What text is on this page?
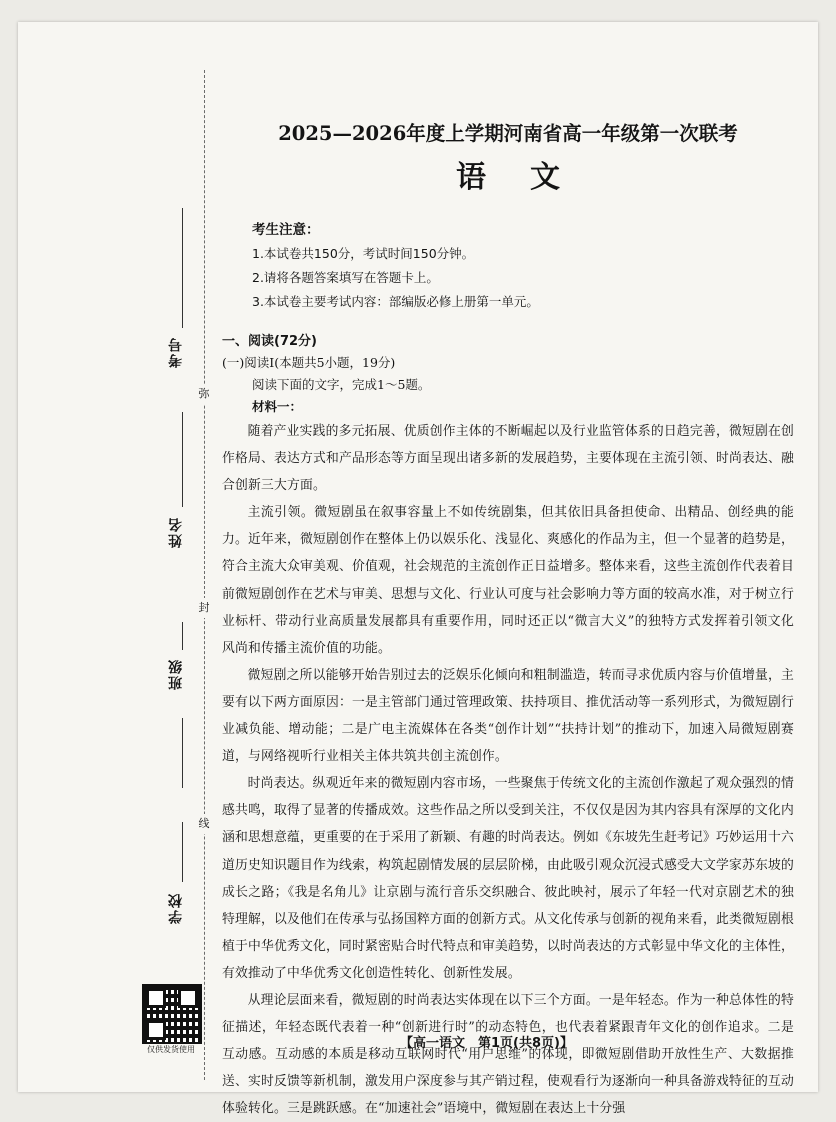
弥
封
线
考号
姓名
班级
学校
仅供发货使用
2025—2026年度上学期河南省高一年级第一次联考
语文
考生注意：
1.本试卷共150分，考试时间150分钟。
2.请将各题答案填写在答题卡上。
3.本试卷主要考试内容：部编版必修上册第一单元。
一、阅读(72分)
(一)阅读Ⅰ(本题共5小题，19分)
阅读下面的文字，完成1～5题。
材料一：

随着产业实践的多元拓展、优质创作主体的不断崛起以及行业监管体系的日趋完善，微短剧在创作格局、表达方式和产品形态等方面呈现出诸多新的发展趋势，主要体现在主流引领、时尚表达、融合创新三大方面。

主流引领。微短剧虽在叙事容量上不如传统剧集，但其依旧具备担使命、出精品、创经典的能力。近年来，微短剧创作在整体上仍以娱乐化、浅显化、爽感化的作品为主，但一个显著的趋势是，符合主流大众审美观、价值观，社会规范的主流创作正日益增多。整体来看，这些主流创作代表着目前微短剧创作在艺术与审美、思想与文化、行业认可度与社会影响力等方面的较高水准，对于树立行业标杆、带动行业高质量发展都具有重要作用，同时还正以“微言大义”的独特方式发挥着引领文化风尚和传播主流价值的功能。

微短剧之所以能够开始告别过去的泛娱乐化倾向和粗制滥造，转而寻求优质内容与价值增量，主要有以下两方面原因：一是主管部门通过管理政策、扶持项目、推优活动等一系列形式，为微短剧行业减负能、增动能；二是广电主流媒体在各类“创作计划”“扶持计划”的推动下，加速入局微短剧赛道，与网络视听行业相关主体共筑共创主流创作。

时尚表达。纵观近年来的微短剧内容市场，一些聚焦于传统文化的主流创作激起了观众强烈的情感共鸣，取得了显著的传播成效。这些作品之所以受到关注，不仅仅是因为其内容具有深厚的文化内涵和思想意蕴，更重要的在于采用了新颖、有趣的时尚表达。例如《东坡先生赶考记》巧妙运用十六道历史知识题目作为线索，构筑起剧情发展的层层阶梯，由此吸引观众沉浸式感受大文学家苏东坡的成长之路；《我是名角儿》让京剧与流行音乐交织融合、彼此映衬，展示了年轻一代对京剧艺术的独特理解，以及他们在传承与弘扬国粹方面的创新方式。从文化传承与创新的视角来看，此类微短剧根植于中华优秀文化，同时紧密贴合时代特点和审美趋势，以时尚表达的方式彰显中华文化的主体性，有效推动了中华优秀文化创造性转化、创新性发展。

从理论层面来看，微短剧的时尚表达实体现在以下三个方面。一是年轻态。作为一种总体性的特征描述，年轻态既代表着一种“创新进行时”的动态特色，也代表着紧跟青年文化的创作追求。二是互动感。互动感的本质是移动互联网时代“用户思维”的体现，即微短剧借助开放性生产、大数据推送、实时反馈等新机制，激发用户深度参与其产销过程，使观看行为逐渐向一种具备游戏特征的互动体验转化。三是跳跃感。在“加速社会”语境中，微短剧在表达上十分强

【高一语文　第1页(共8页)】
